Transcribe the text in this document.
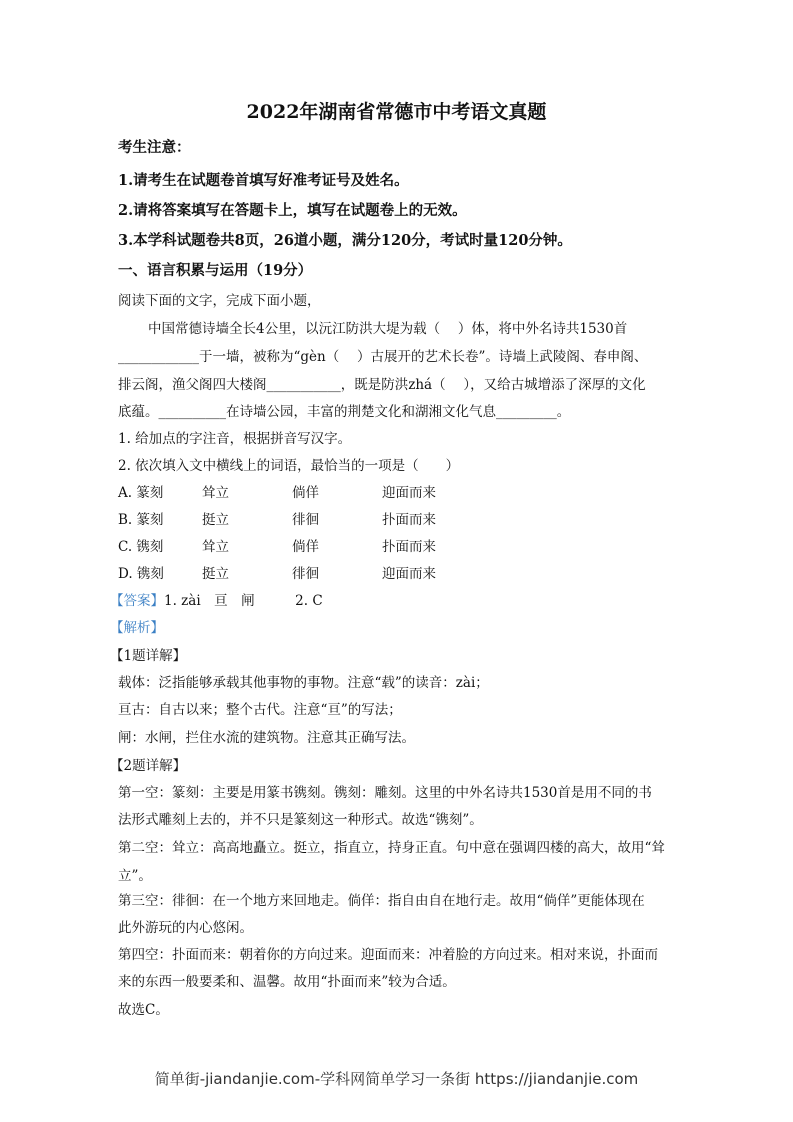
2022年湖南省常德市中考语文真题
考生注意：
1.请考生在试题卷首填写好准考证号及姓名。
2.请将答案填写在答题卡上，填写在试题卷上的无效。
3.本学科试题卷共8页，26道小题，满分120分，考试时量120分钟。
一、语言积累与运用（19分）
阅读下面的文字，完成下面小题，
中国常德诗墙全长4公里，以沅江防洪大堤为载（　 ）体，将中外名诗共1530首
____________于一墙，被称为“gèn（　 ）古展开的艺术长卷”。诗墙上武陵阁、春申阁、
排云阁，渔父阁四大楼阁___________，既是防洪zhá（　 ），又给古城增添了深厚的文化
底蕴。__________在诗墙公园，丰富的荆楚文化和湖湘文化气息_________。
1. 给加点的字注音，根据拼音写汉字。
2. 依次填入文中横线上的词语，最恰当的一项是（　　）
A. 篆刻	耸立	倘佯	迎面而来
B. 篆刻	挺立	徘徊	扑面而来
C. 镌刻	耸立	倘佯	扑面而来
D. 镌刻	挺立	徘徊	迎面而来
【答案】1. zài　亘　闸　　　2. C
【解析】
【1题详解】
载体：泛指能够承载其他事物的事物。注意“载”的读音：zài；
亘古：自古以来；整个古代。注意“亘”的写法；
闸：水闸，拦住水流的建筑物。注意其正确写法。
【2题详解】
第一空：篆刻：主要是用篆书镌刻。镌刻：雕刻。这里的中外名诗共1530首是用不同的书
法形式雕刻上去的，并不只是篆刻这一种形式。故选“镌刻”。
第二空：耸立：高高地矗立。挺立，指直立，持身正直。句中意在强调四楼的高大，故用“耸
立”。
第三空：徘徊：在一个地方来回地走。倘佯：指自由自在地行走。故用“倘佯”更能体现在
此外游玩的内心悠闲。
第四空：扑面而来：朝着你的方向过来。迎面而来：冲着脸的方向过来。相对来说，扑面而
来的东西一般要柔和、温馨。故用“扑面而来”较为合适。
故选C。
简单街-jiandanjie.com-学科网简单学习一条街 https://jiandanjie.com
